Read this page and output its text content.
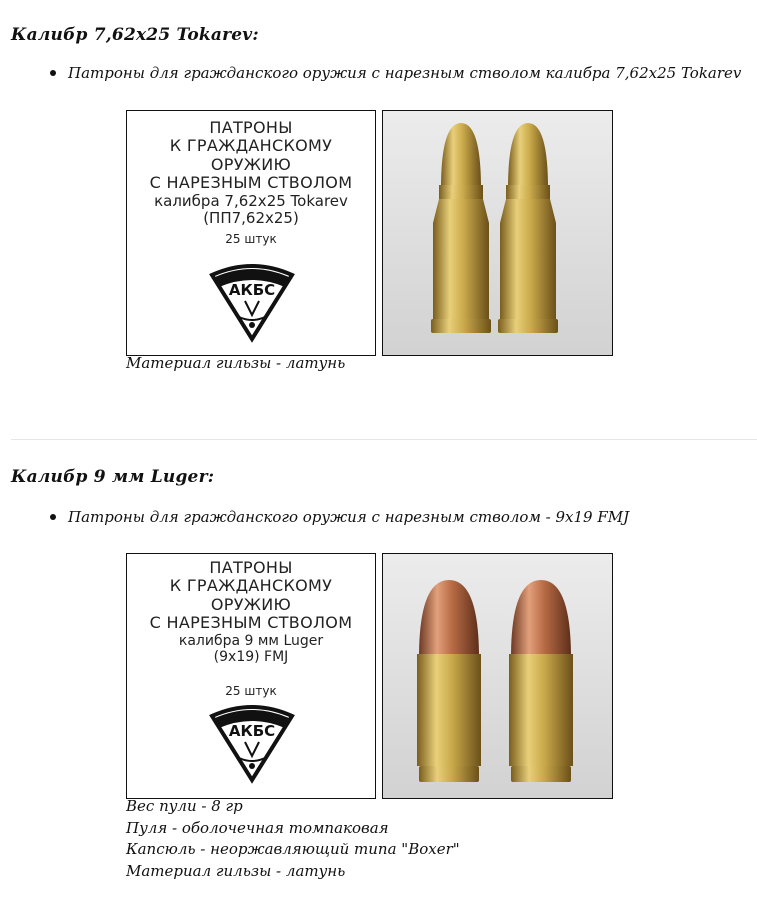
Калибр 7,62x25 Tokarev:
Патроны для гражданского оружия с нарезным стволом калибра 7,62x25 Tokarev
ПАТРОНЫ
К ГРАЖДАНСКОМУ ОРУЖИЮ
С НАРЕЗНЫМ СТВОЛОМ
калибра 7,62x25 Tokarev
(ПП7,62x25)
25 штук
АКБС
Материал гильзы - латунь
Калибр 9 мм Luger:
Патроны для гражданского оружия с нарезным стволом - 9x19 FMJ
ПАТРОНЫ
К ГРАЖДАНСКОМУ ОРУЖИЮ
С НАРЕЗНЫМ СТВОЛОМ
калибра 9 мм Luger
(9x19) FMJ
25 штук
АКБС
Вес пули - 8 гр
Пуля - оболочечная томпаковая
Капсюль - неоржавляющий типа "Boxer"
Материал гильзы - латунь
